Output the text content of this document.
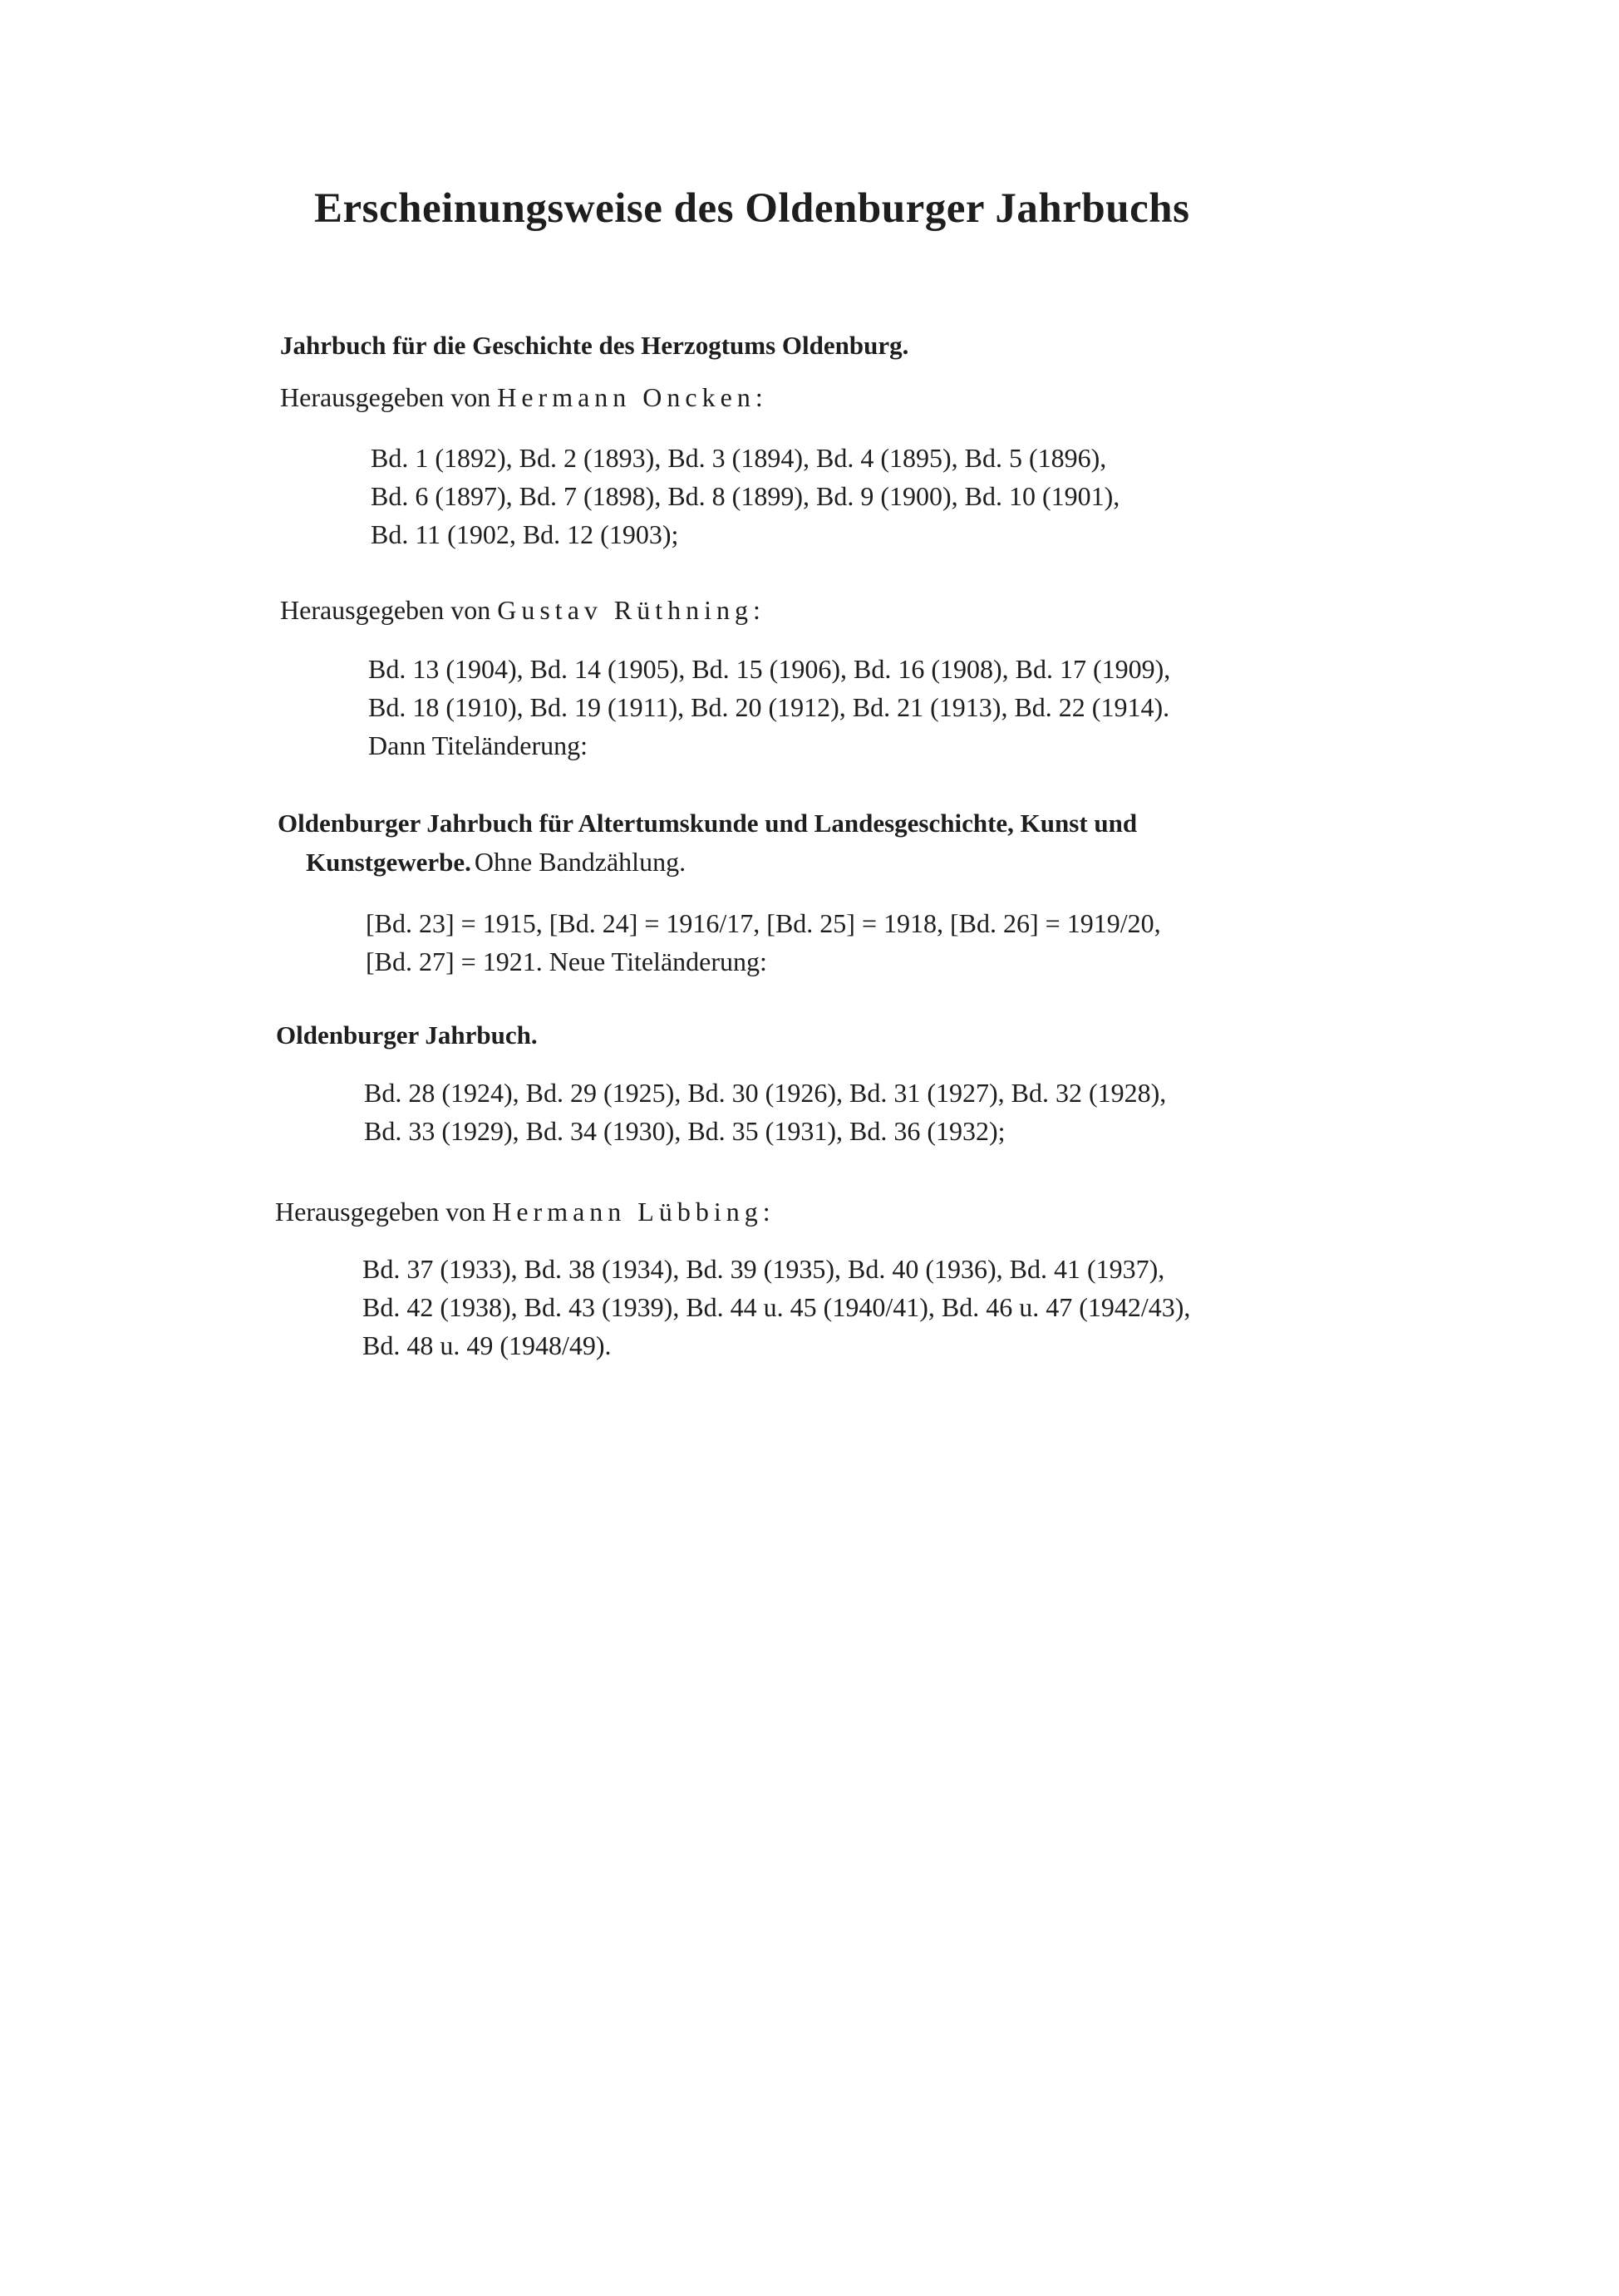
Erscheinungsweise des Oldenburger Jahrbuchs
Jahrbuch für die Geschichte des Herzogtums Oldenburg.
Herausgegeben von Hermann Oncken:

Bd. 1 (1892), Bd. 2 (1893), Bd. 3 (1894), Bd. 4 (1895), Bd. 5 (1896),

Bd. 6 (1897), Bd. 7 (1898), Bd. 8 (1899), Bd. 9 (1900), Bd. 10 (1901),

Bd. 11 (1902, Bd. 12 (1903);

Herausgegeben von Gustav Rüthning:

Bd. 13 (1904), Bd. 14 (1905), Bd. 15 (1906), Bd. 16 (1908), Bd. 17 (1909),

Bd. 18 (1910), Bd. 19 (1911), Bd. 20 (1912), Bd. 21 (1913), Bd. 22 (1914).

Dann Titeländerung:

Oldenburger Jahrbuch für Altertumskunde und Landesgeschichte, Kunst und
Kunstgewerbe. Ohne Bandzählung.

[Bd. 23] = 1915, [Bd. 24] = 1916/17, [Bd. 25] = 1918, [Bd. 26] = 1919/20,

[Bd. 27] = 1921. Neue Titeländerung:

Oldenburger Jahrbuch.

Bd. 28 (1924), Bd. 29 (1925), Bd. 30 (1926), Bd. 31 (1927), Bd. 32 (1928),

Bd. 33 (1929), Bd. 34 (1930), Bd. 35 (1931), Bd. 36 (1932);

Herausgegeben von Hermann Lübbing:

Bd. 37 (1933), Bd. 38 (1934), Bd. 39 (1935), Bd. 40 (1936), Bd. 41 (1937),

Bd. 42 (1938), Bd. 43 (1939), Bd. 44 u. 45 (1940/41), Bd. 46 u. 47 (1942/43),

Bd. 48 u. 49 (1948/49).
